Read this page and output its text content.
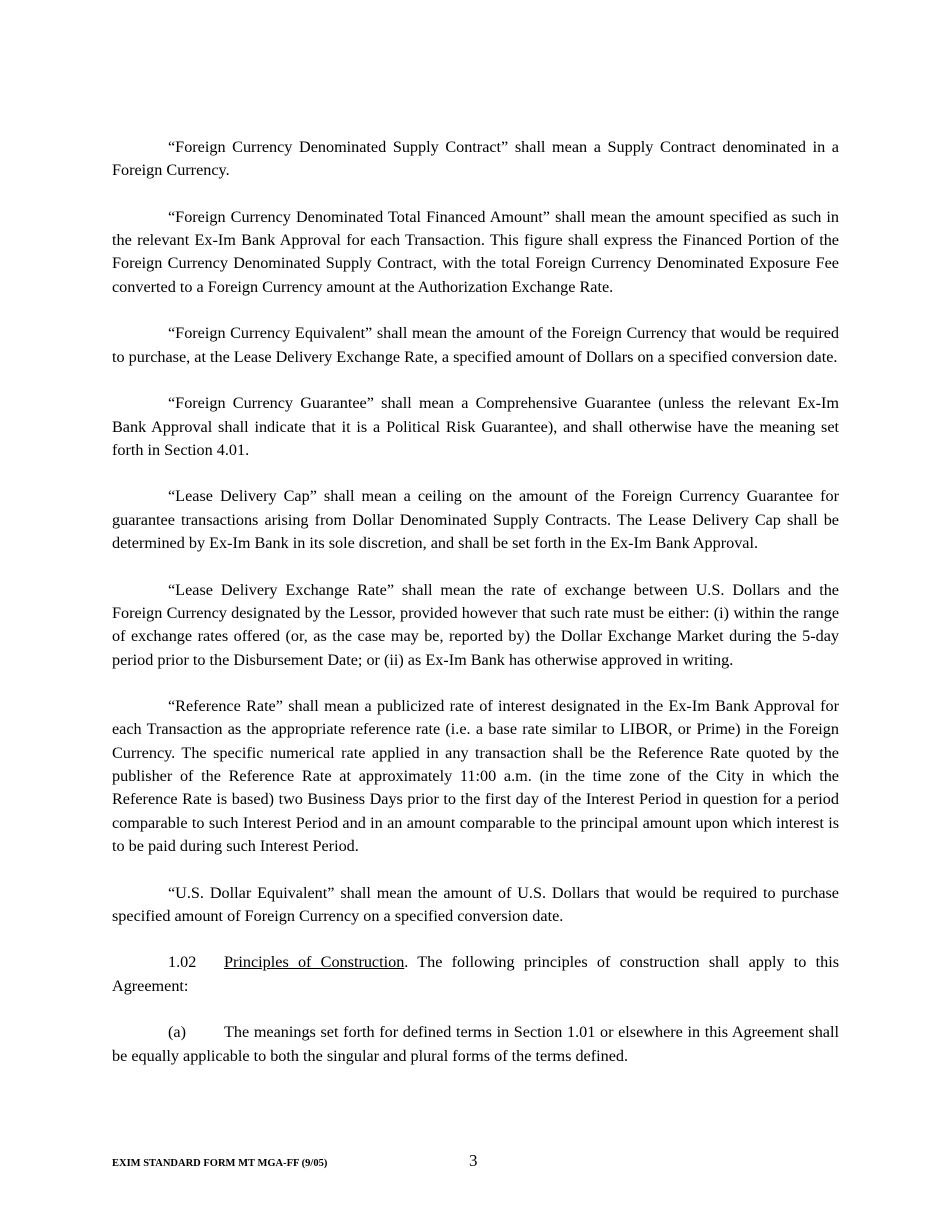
“Foreign Currency Denominated Supply Contract” shall mean a Supply Contract denominated in a Foreign Currency.

“Foreign Currency Denominated Total Financed Amount” shall mean the amount specified as such in the relevant Ex-Im Bank Approval for each Transaction. This figure shall express the Financed Portion of the Foreign Currency Denominated Supply Contract, with the total Foreign Currency Denominated Exposure Fee converted to a Foreign Currency amount at the Authorization Exchange Rate.

“Foreign Currency Equivalent” shall mean the amount of the Foreign Currency that would be required to purchase, at the Lease Delivery Exchange Rate, a specified amount of Dollars on a specified conversion date.

“Foreign Currency Guarantee” shall mean a Comprehensive Guarantee (unless the relevant Ex-Im Bank Approval shall indicate that it is a Political Risk Guarantee), and shall otherwise have the meaning set forth in Section 4.01.

“Lease Delivery Cap” shall mean a ceiling on the amount of the Foreign Currency Guarantee for guarantee transactions arising from Dollar Denominated Supply Contracts. The Lease Delivery Cap shall be determined by Ex-Im Bank in its sole discretion, and shall be set forth in the Ex-Im Bank Approval.

“Lease Delivery Exchange Rate” shall mean the rate of exchange between U.S. Dollars and the Foreign Currency designated by the Lessor, provided however that such rate must be either: (i) within the range of exchange rates offered (or, as the case may be, reported by) the Dollar Exchange Market during the 5-day period prior to the Disbursement Date; or (ii) as Ex-Im Bank has otherwise approved in writing.

“Reference Rate” shall mean a publicized rate of interest designated in the Ex-Im Bank Approval for each Transaction as the appropriate reference rate (i.e. a base rate similar to LIBOR, or Prime) in the Foreign Currency. The specific numerical rate applied in any transaction shall be the Reference Rate quoted by the publisher of the Reference Rate at approximately 11:00 a.m. (in the time zone of the City in which the Reference Rate is based) two Business Days prior to the first day of the Interest Period in question for a period comparable to such Interest Period and in an amount comparable to the principal amount upon which interest is to be paid during such Interest Period.

“U.S. Dollar Equivalent” shall mean the amount of U.S. Dollars that would be required to purchase specified amount of Foreign Currency on a specified conversion date.

1.02 Principles of Construction. The following principles of construction shall apply to this Agreement:

(a) The meanings set forth for defined terms in Section 1.01 or elsewhere in this Agreement shall be equally applicable to both the singular and plural forms of the terms defined.

EXIM STANDARD FORM MT MGA-FF (9/05)	3
